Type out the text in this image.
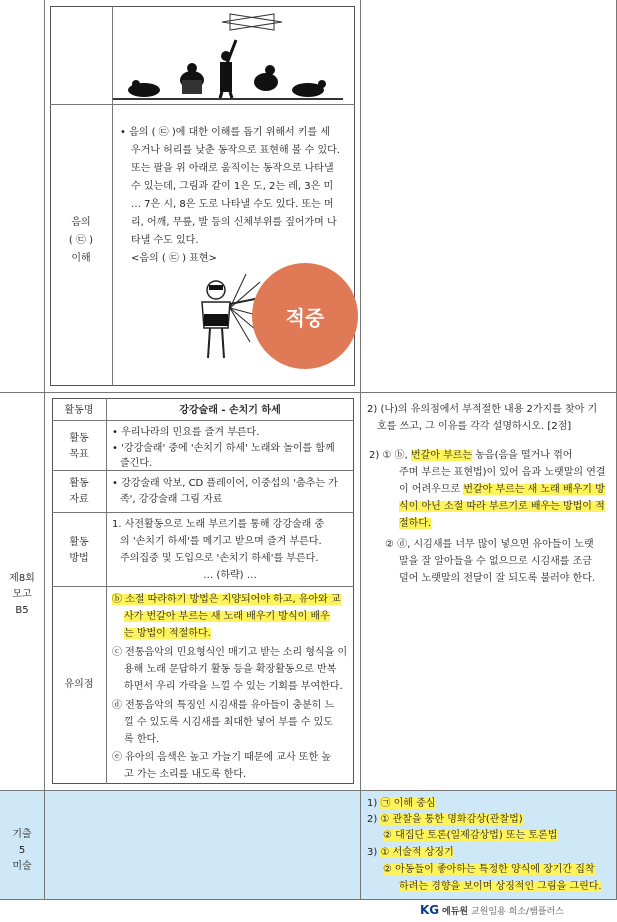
음의
( ㉢ )
이해
• 음의 ( ㉢ )에 대한 이해를 돕기 위해서 키를 세
우거나 허리를 낮춘 동작으로 표현해 볼 수 있다.
또는 팔을 위 아래로 움직이는 동작으로 나타낼
수 있는데, 그림과 같이 1은 도, 2는 레, 3은 미
… 7은 시, 8은 도로 나타낼 수도 있다. 또는 머
리, 어깨, 무릎, 발 등의 신체부위를 짚어가며 나
타낼 수도 있다.
<음의 ( ㉢ ) 표현>
적중
제8회
모고
B5
활동명	강강술래 - 손치기 하세
활동
목표
• 우리나라의 민요를 즐겨 부른다.
• '강강술래' 중에 '손치기 하세' 노래와 놀이를 함께
즐긴다.
활동
자료
• 강강술래 악보, CD 플레이어, 이중섭의 '춤추는 가
족', 강강술래 그림 자료
활동
방법
1. 사전활동으로 노래 부르기를 통해 강강술래 중
의 '손치기 하세'를 메기고 받으며 즐겨 부른다.
주의집중 및 도입으로 '손치기 하세'를 부른다.
… (하략) …
유의점
ⓑ 소절 따라하기 방법은 지양되어야 하고, 유아와 교
사가 번갈아 부르는 새 노래 배우기 방식이 배우
는 방법이 적절하다.
ⓒ 전통음악의 민요형식인 매기고 받는 소리 형식을 이
용해 노래 문답하기 활동 등을 확장활동으로 반복
하면서 우리 가락을 느낄 수 있는 기회를 부여한다.
ⓓ 전통음악의 특징인 시김새를 유아들이 충분히 느
낄 수 있도록 시김새를 최대한 넣어 부를 수 있도
록 한다.
ⓔ 유아의 음색은 높고 가늘기 때문에 교사 또한 높
고 가는 소리를 내도록 한다.
2) (나)의 유의점에서 부적절한 내용 2가지를 찾아 기
호를 쓰고, 그 이유를 각각 설명하시오. [2점]
2) ① ⓑ, 번갈아 부르는 농음(음을 떨거나 꺾어
주며 부르는 표현법)이 있어 음과 노랫말의 연결
이 어려우므로 번갈아 부르는 새 노래 배우기 방
식이 아닌 소절 따라 부르기로 배우는 방법이 적
절하다.
② ⓓ, 시김새를 너무 많이 넣으면 유아들이 노랫
말을 잘 알아들을 수 없으므로 시김새를 조금
덜어 노랫말의 전달이 잘 되도록 불러야 한다.
기출
5
미술
1) ㉠ 이해 중심
2) ① 관찰을 통한 명화감상(관찰법)
② 대집단 토론(일제감상법) 또는 토론법
3) ① 서술적 상징기
② 아동들이 좋아하는 특정한 양식에 장기간 집착
하려는 경향을 보이며 상징적인 그림을 그린다.
KG 에듀원 교원임용 희소/쌤플러스
